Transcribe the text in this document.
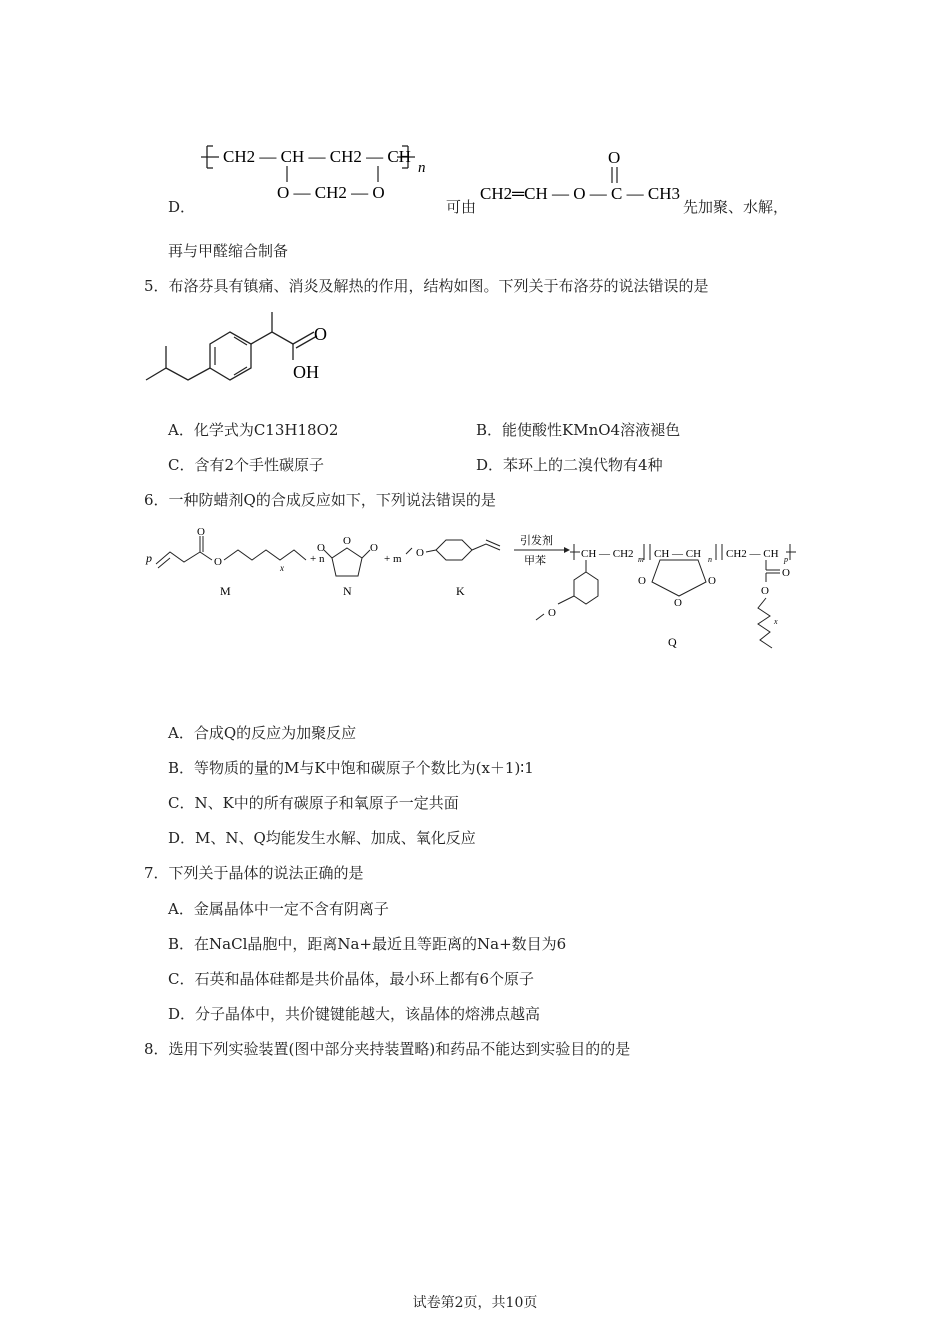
D．
CH2 — CH — CH2 — CH
O — CH2 — O
n
可由
O
CH2═CH — O — C — CH3
先加聚、水解，
再与甲醛缩合制备
5．布洛芬具有镇痛、消炎及解热的作用，结构如图。下列关于布洛芬的说法错误的是
O
OH
A．化学式为C13H18O2	B．能使酸性KMnO4溶液褪色
C．含有2个手性碳原子	D．苯环上的二溴代物有4种
6．一种防蜡剂Q的合成反应如下，下列说法错误的是
p
O
O	x
M
+ n
O
O	O
N
+ m O
K
引发剂
甲苯
CH — CH2 m CH — CH n CH2 — CH p
O
O	O
O
O
O
x
Q
A．合成Q的反应为加聚反应
B．等物质的量的M与K中饱和碳原子个数比为(x＋1)∶1
C．N、K中的所有碳原子和氧原子一定共面
D．M、N、Q均能发生水解、加成、氧化反应
7．下列关于晶体的说法正确的是
A．金属晶体中一定不含有阴离子
B．在NaCl晶胞中，距离Na+最近且等距离的Na+数目为6
C．石英和晶体硅都是共价晶体，最小环上都有6个原子
D．分子晶体中，共价键键能越大，该晶体的熔沸点越高
8．选用下列实验装置(图中部分夹持装置略)和药品不能达到实验目的的是
试卷第2页，共10页
